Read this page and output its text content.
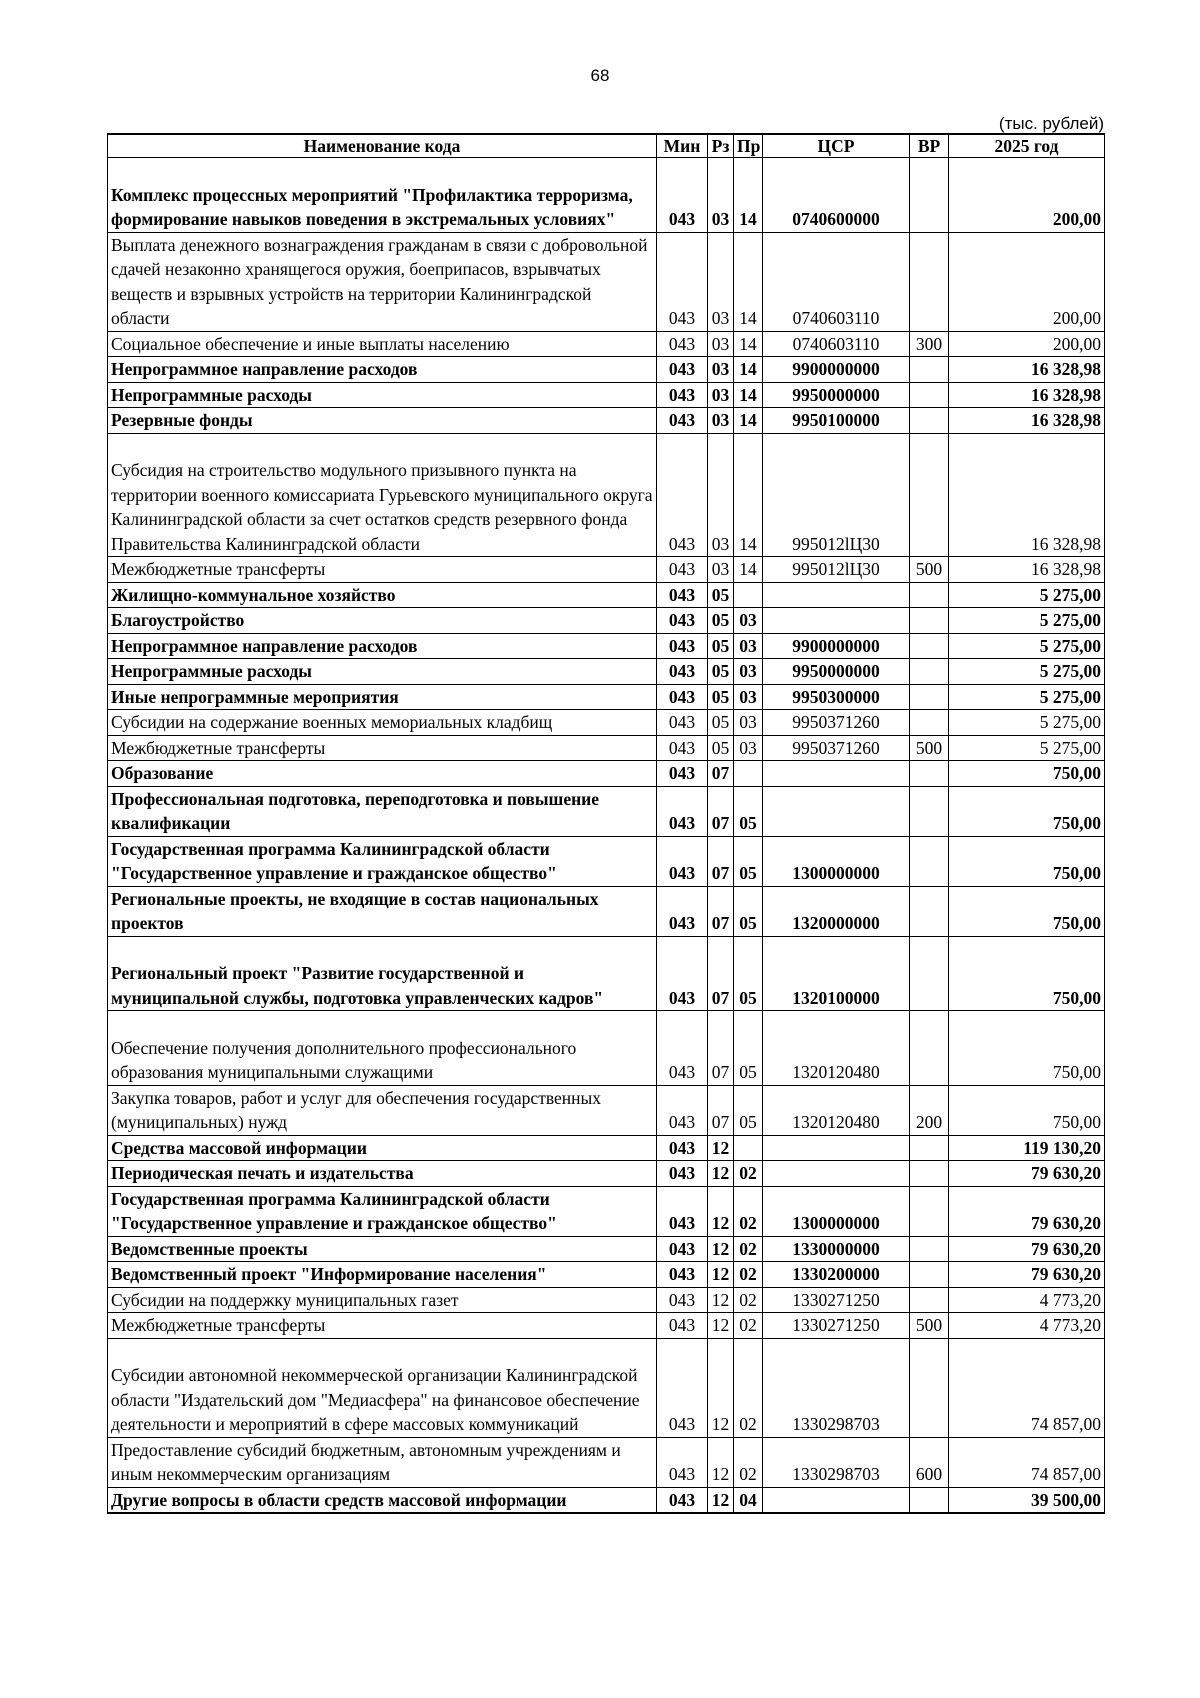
68
(тыс. рублей)
Наименование кода	Мин	Рз	Пр	ЦСР	ВР	2025 год
Комплекс процессных мероприятий "Профилактика терроризма, формирование навыков поведения в экстремальных условиях"	043	03	14	0740600000		200,00
Выплата денежного вознаграждения гражданам в связи с добровольной сдачей незаконно хранящегося оружия, боеприпасов, взрывчатых веществ и взрывных устройств на территории Калининградской области	043	03	14	0740603110		200,00
Социальное обеспечение и иные выплаты населению	043	03	14	0740603110	300	200,00
Непрограммное направление расходов	043	03	14	9900000000		16 328,98
Непрограммные расходы	043	03	14	9950000000		16 328,98
Резервные фонды	043	03	14	9950100000		16 328,98
Субсидия на строительство модульного призывного пункта на территории военного комиссариата Гурьевского муниципального округа Калининградской области за счет остатков средств резервного фонда Правительства Калининградской области	043	03	14	995012lЦ30		16 328,98
Межбюджетные трансферты	043	03	14	995012lЦ30	500	16 328,98
Жилищно-коммунальное хозяйство	043	05				5 275,00
Благоустройство	043	05	03			5 275,00
Непрограммное направление расходов	043	05	03	9900000000		5 275,00
Непрограммные расходы	043	05	03	9950000000		5 275,00
Иные непрограммные мероприятия	043	05	03	9950300000		5 275,00
Субсидии на содержание военных мемориальных кладбищ	043	05	03	9950371260		5 275,00
Межбюджетные трансферты	043	05	03	9950371260	500	5 275,00
Образование	043	07				750,00
Профессиональная подготовка, переподготовка и повышение квалификации	043	07	05			750,00
Государственная программа Калининградской области "Государственное управление и гражданское общество"	043	07	05	1300000000		750,00
Региональные проекты, не входящие в состав национальных проектов	043	07	05	1320000000		750,00
Региональный проект "Развитие государственной и муниципальной службы, подготовка управленческих кадров"	043	07	05	1320100000		750,00
Обеспечение получения дополнительного профессионального образования муниципальными служащими	043	07	05	1320120480		750,00
Закупка товаров, работ и услуг для обеспечения государственных (муниципальных) нужд	043	07	05	1320120480	200	750,00
Средства массовой информации	043	12				119 130,20
Периодическая печать и издательства	043	12	02			79 630,20
Государственная программа Калининградской области "Государственное управление и гражданское общество"	043	12	02	1300000000		79 630,20
Ведомственные проекты	043	12	02	1330000000		79 630,20
Ведомственный проект "Информирование населения"	043	12	02	1330200000		79 630,20
Субсидии на поддержку муниципальных газет	043	12	02	1330271250		4 773,20
Межбюджетные трансферты	043	12	02	1330271250	500	4 773,20
Субсидии автономной некоммерческой организации Калининградской области "Издательский дом "Медиасфера" на финансовое обеспечение деятельности и мероприятий в сфере массовых коммуникаций	043	12	02	1330298703		74 857,00
Предоставление субсидий бюджетным, автономным учреждениям и иным некоммерческим организациям	043	12	02	1330298703	600	74 857,00
Другие вопросы в области средств массовой информации	043	12	04			39 500,00
